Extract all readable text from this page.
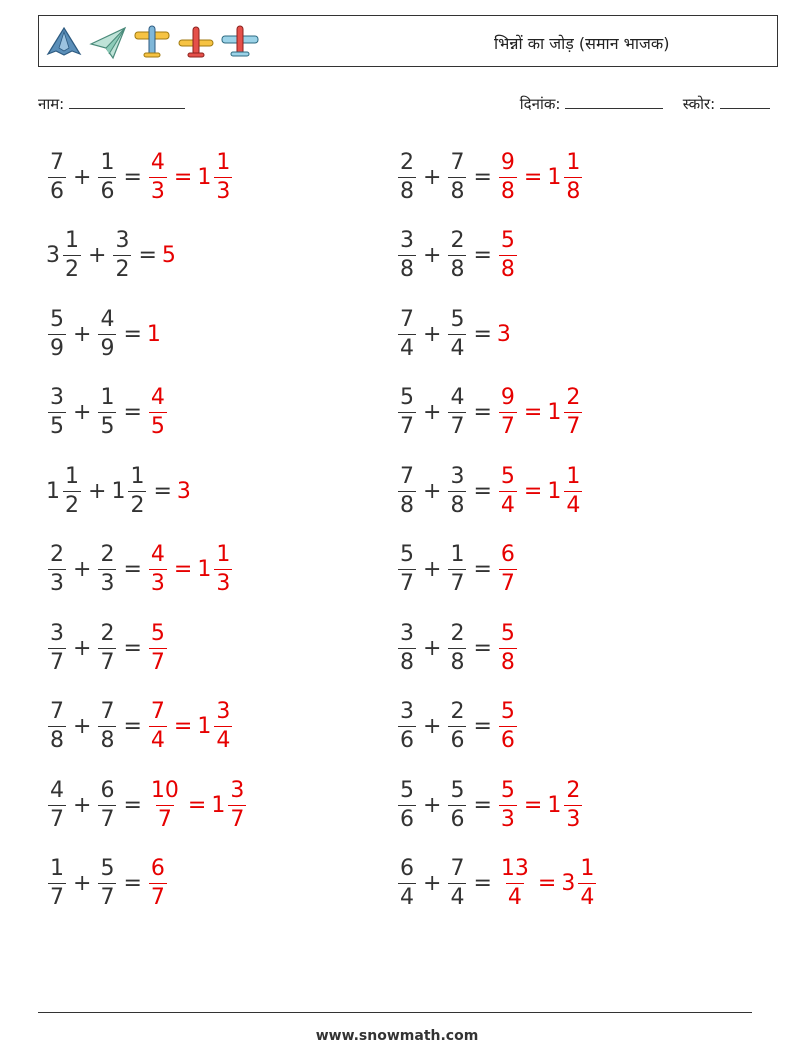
भिन्नों का जोड़ (समान भाजक)
नाम:	दिनांक:	स्कोर:
$\frac{7}{6} + \frac{1}{6} = \frac{4}{3} = 1 \frac{1}{3}$	$\frac{2}{8} + \frac{7}{8} = \frac{9}{8} = 1 \frac{1}{8}$
$3 \frac{1}{2} + \frac{3}{2} = 5$	$\frac{3}{8} + \frac{2}{8} = \frac{5}{8}$
$\frac{5}{9} + \frac{4}{9} = 1$	$\frac{7}{4} + \frac{5}{4} = 3$
$\frac{3}{5} + \frac{1}{5} = \frac{4}{5}$	$\frac{5}{7} + \frac{4}{7} = \frac{9}{7} = 1 \frac{2}{7}$
$1 \frac{1}{2} + 1 \frac{1}{2} = 3$	$\frac{7}{8} + \frac{3}{8} = \frac{5}{4} = 1 \frac{1}{4}$
$\frac{2}{3} + \frac{2}{3} = \frac{4}{3} = 1 \frac{1}{3}$	$\frac{5}{7} + \frac{1}{7} = \frac{6}{7}$
$\frac{3}{7} + \frac{2}{7} = \frac{5}{7}$	$\frac{3}{8} + \frac{2}{8} = \frac{5}{8}$
$\frac{7}{8} + \frac{7}{8} = \frac{7}{4} = 1 \frac{3}{4}$	$\frac{3}{6} + \frac{2}{6} = \frac{5}{6}$
$\frac{4}{7} + \frac{6}{7} = \frac{10}{7} = 1 \frac{3}{7}$	$\frac{5}{6} + \frac{5}{6} = \frac{5}{3} = 1 \frac{2}{3}$
$\frac{1}{7} + \frac{5}{7} = \frac{6}{7}$	$\frac{6}{4} + \frac{7}{4} = \frac{13}{4} = 3 \frac{1}{4}$
www.snowmath.com
